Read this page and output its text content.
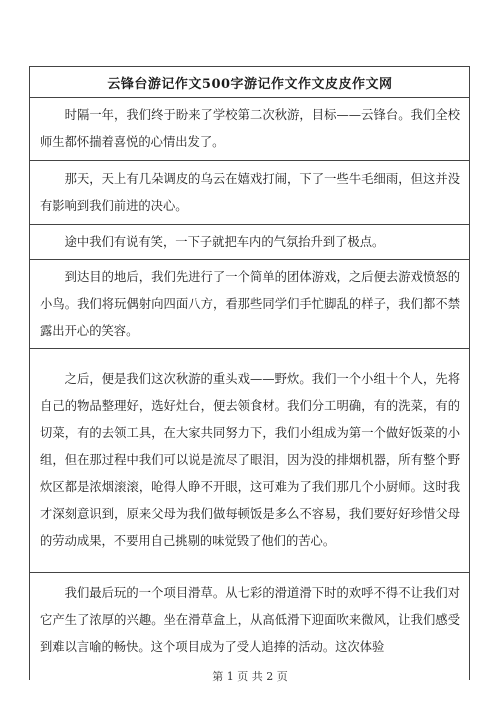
云锋台游记作文500字游记作文作文皮皮作文网

时隔一年，我们终于盼来了学校第二次秋游，目标——云锋台。我们全校师生都怀揣着喜悦的心情出发了。

那天，天上有几朵调皮的乌云在嬉戏打闹，下了一些牛毛细雨，但这并没有影响到我们前进的决心。

途中我们有说有笑，一下子就把车内的气氛抬升到了极点。

到达目的地后，我们先进行了一个简单的团体游戏，之后便去游戏愤怒的小鸟。我们将玩偶射向四面八方，看那些同学们手忙脚乱的样子，我们都不禁露出开心的笑容。

之后，便是我们这次秋游的重头戏——野炊。我们一个小组十个人，先将自己的物品整理好，选好灶台，便去领食材。我们分工明确，有的洗菜，有的切菜，有的去领工具，在大家共同努力下，我们小组成为第一个做好饭菜的小组，但在那过程中我们可以说是流尽了眼泪，因为没的排烟机器，所有整个野炊区都是浓烟滚滚，呛得人睁不开眼，这可难为了我们那几个小厨师。这时我才深刻意识到，原来父母为我们做每顿饭是多么不容易，我们要好好珍惜父母的劳动成果，不要用自己挑剔的味觉毁了他们的苦心。

我们最后玩的一个项目滑草。从七彩的滑道滑下时的欢呼不得不让我们对它产生了浓厚的兴趣。坐在滑草盒上，从高低滑下迎面吹来微风，让我们感受到难以言喻的畅快。这个项目成为了受人追捧的活动。这次体验

第 1 页 共 2 页
